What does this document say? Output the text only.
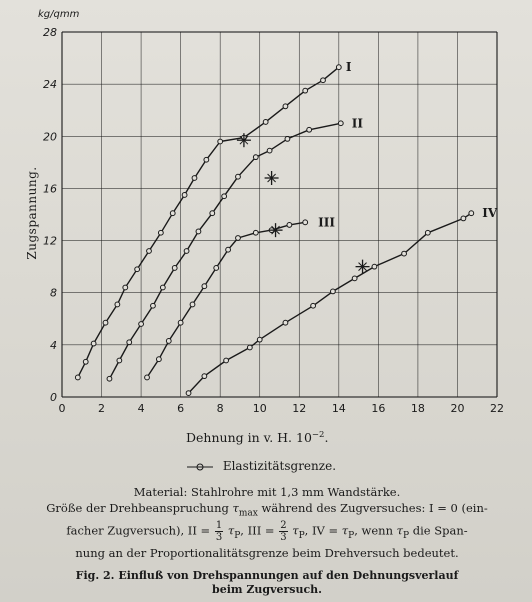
0	2	4	6	8	10 12 14 16 18 20 22
0
4
8
12
16
20
24
28
I
II
III
IV
kg/qmm
Zugspannung.
Dehnung in v. H. $10^{-2}$.
Elastizitätsgrenze.
Material: Stahlrohre mit 1,3 mm Wandstärke.
Größe der Drehbeanspruchung $\tau_{max}$ während des Zugversuches: I = 0 (ein-
facher Zugversuch), II = $\frac{1}{3} \tau_P$, III = $\frac{2}{3} \tau_P$, IV = $\tau_P$, wenn $\tau_P$ die Span-
nung an der Proportionalitätsgrenze beim Drehversuch bedeutet.
Fig. 2. Einfluß von Drehspannungen auf den Dehnungsverlauf
beim Zugversuch.
